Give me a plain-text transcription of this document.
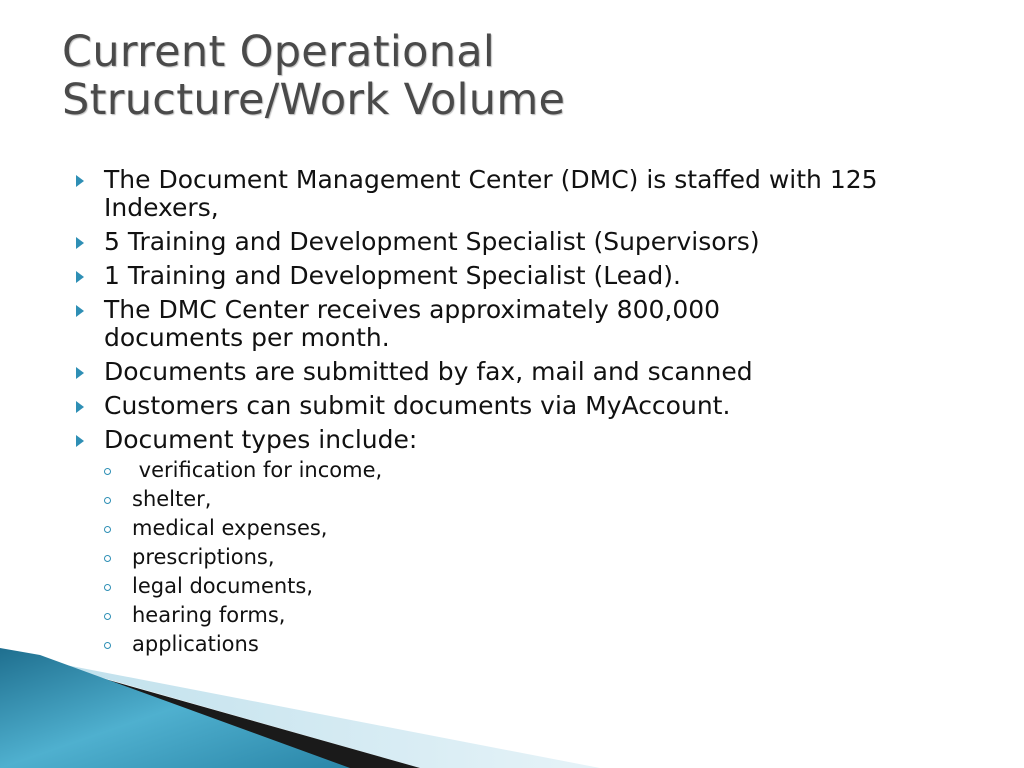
Current Operational
Structure/Work Volume
The Document Management Center (DMC) is staffed with 125 Indexers,
5 Training and Development Specialist (Supervisors)
1 Training and Development Specialist (Lead).
The DMC Center receives approximately 800,000 documents per month.
Documents are submitted by fax, mail and scanned
Customers can submit documents via MyAccount.
Document types include:
verification for income,
shelter,
medical expenses,
prescriptions,
legal documents,
hearing forms,
applications
